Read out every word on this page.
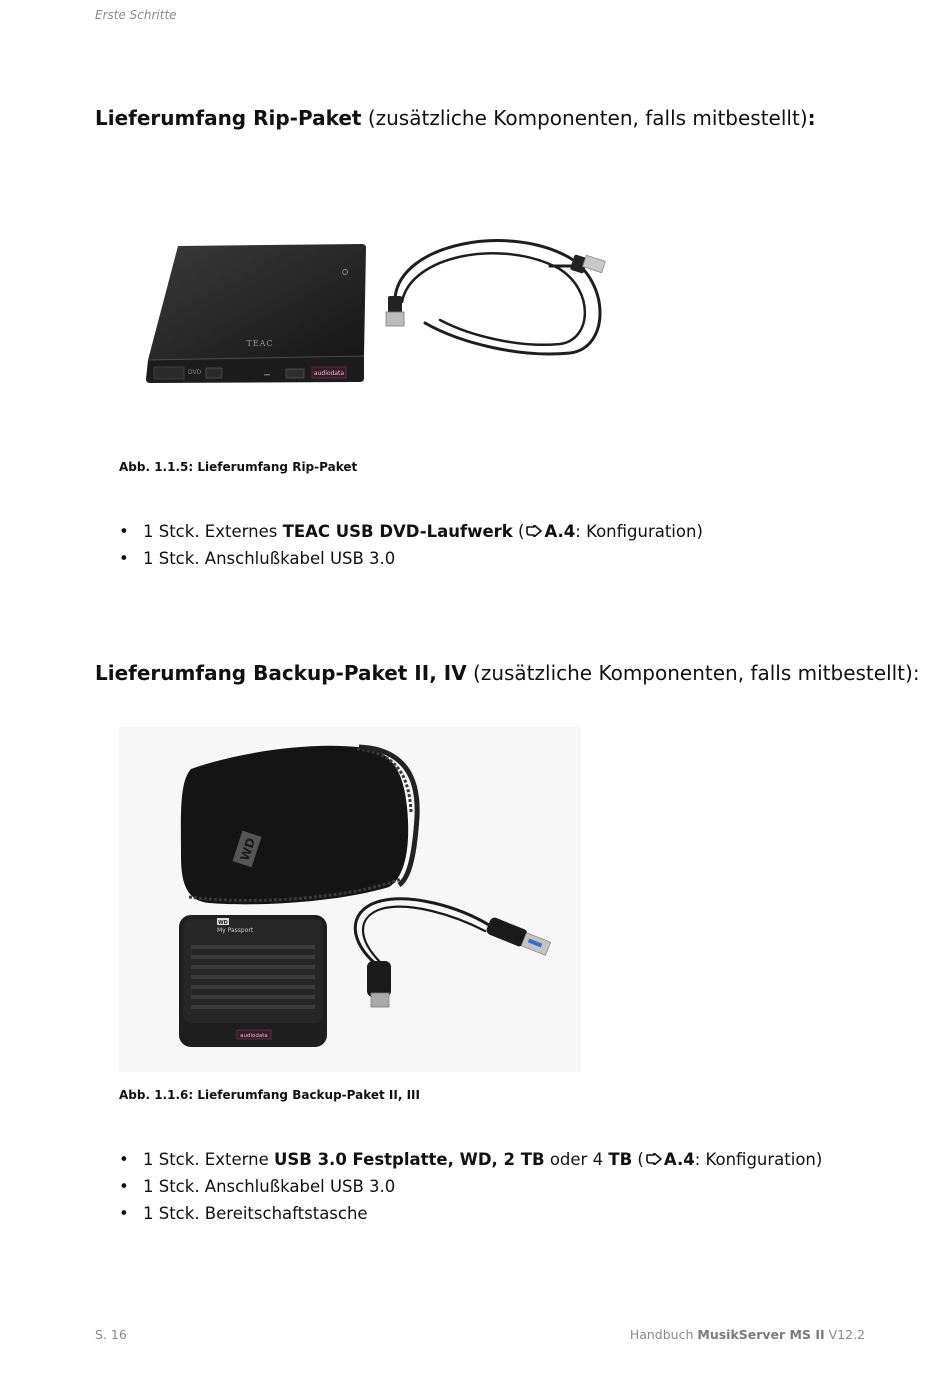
Erste Schritte
Lieferumfang Rip-Paket (zusätzliche Komponenten, falls mitbestellt):
TEAC
DVD	audiodata
Abb. 1.1.5: Lieferumfang Rip-Paket
• 1 Stck. Externes TEAC USB DVD-Laufwerk ( A.4: Konfiguration)
• 1 Stck. Anschlußkabel USB 3.0
Lieferumfang Backup-Paket II, IV (zusätzliche Komponenten, falls mitbestellt):
WD
WD
My Passport
audiodata
Abb. 1.1.6: Lieferumfang Backup-Paket II, III
• 1 Stck. Externe USB 3.0 Festplatte, WD, 2 TB oder 4 TB ( A.4: Konfiguration)
• 1 Stck. Anschlußkabel USB 3.0
• 1 Stck. Bereitschaftstasche
S. 16	Handbuch MusikServer MS II V12.2
